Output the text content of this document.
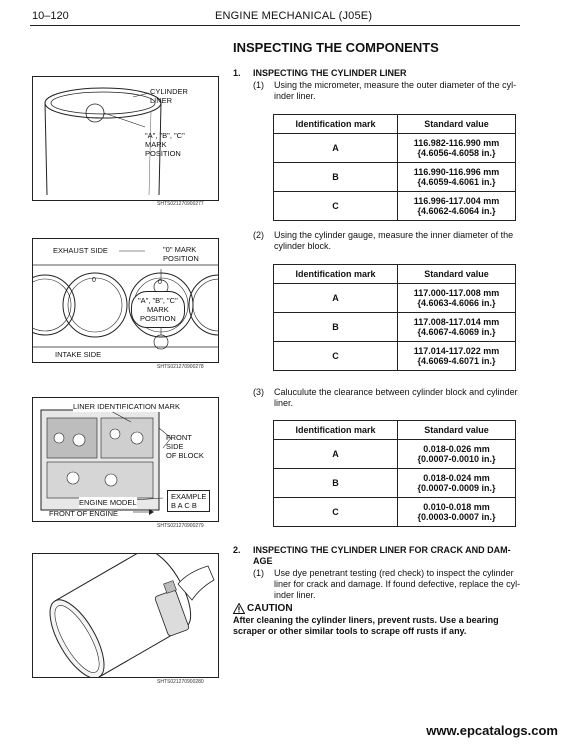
10–120	ENGINE MECHANICAL (J05E)
INSPECTING THE COMPONENTS
CYLINDER
LINER
"A", "B", "C"
MARK
POSITION
SHTS021270900277
0	0
EXHAUST SIDE	"0" MARK
POSITION
"A", "B", "C"
MARK
POSITION
INTAKE SIDE
SHTS021270900278
LINER IDENTIFICATION MARK
FRONT
SIDE
OF BLOCK
ENGINE MODEL
FRONT OF ENGINE
EXAMPLE
B A C B
SHTS021270900279
SHTS021270900280
1. INSPECTING THE CYLINDER LINER
(1) Using the micrometer, measure the outer diameter of the cyl-
inder liner.
Identification mark	Standard value
A	116.982-116.990 mm
{4.6056-4.6058 in.}

B	116.990-116.996 mm
{4.6059-4.6061 in.}

C	116.996-117.004 mm
{4.6062-4.6064 in.}
(2) Using the cylinder gauge, measure the inner diameter of the
cylinder block.
Identification mark	Standard value
A	117.000-117.008 mm
{4.6063-4.6066 in.}

B	117.008-117.014 mm
{4.6067-4.6069 in.}

C	117.014-117.022 mm
{4.6069-4.6071 in.}
(3) Caluculute the clearance between cylinder block and cylinder
liner.
Identification mark	Standard value
A	0.018-0.026 mm
{0.0007-0.0010 in.}

B	0.018-0.024 mm
{0.0007-0.0009 in.}

C	0.010-0.018 mm
{0.0003-0.0007 in.}
2. INSPECTING THE CYLINDER LINER FOR CRACK AND DAM-
AGE
(1) Use dye penetrant testing (red check) to inspect the cylinder
liner for crack and damage. If found defective, replace the cyl-
inder liner.
CAUTION
After cleaning the cylinder liners, prevent rusts. Use a bearing
scraper or other similar tools to scrape off rusts if any.
www.epcatalogs.com
